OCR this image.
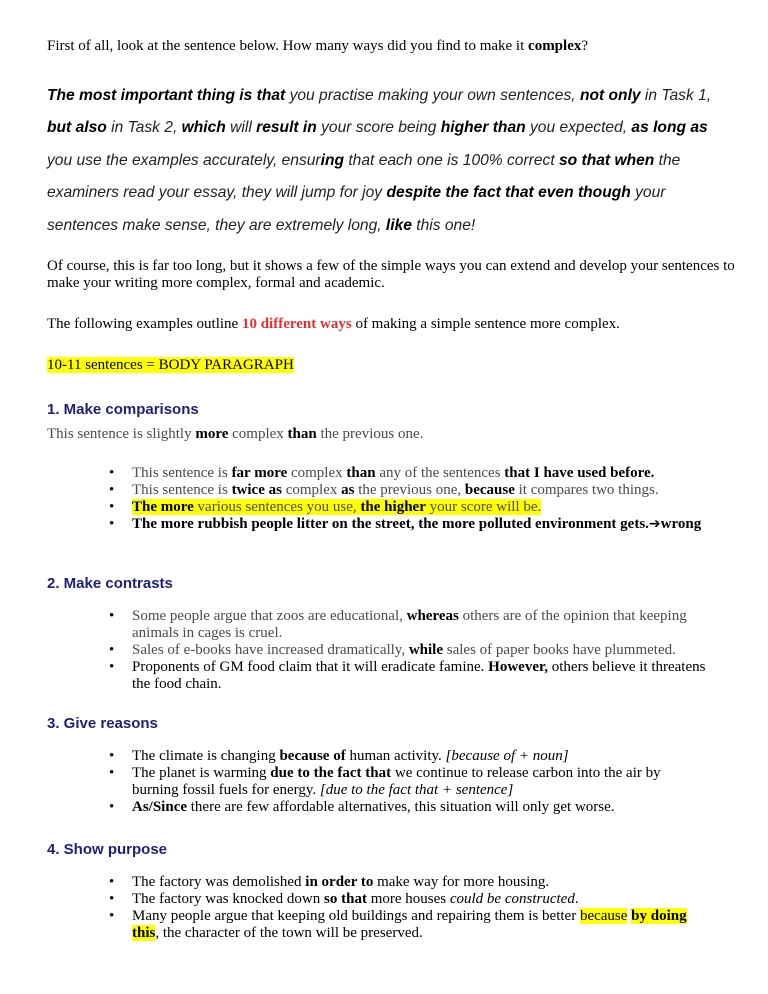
First of all, look at the sentence below. How many ways did you find to make it complex?

The most important thing is that you practise making your own sentences, not only in Task 1, but also in Task 2, which will result in your score being higher than you expected, as long as you use the examples accurately, ensuring that each one is 100% correct so that when the examiners read your essay, they will jump for joy despite the fact that even though your sentences make sense, they are extremely long, like this one!

Of course, this is far too long, but it shows a few of the simple ways you can extend and develop your sentences to make your writing more complex, formal and academic.

The following examples outline 10 different ways of making a simple sentence more complex.

10-11 sentences = BODY PARAGRAPH

1. Make comparisons

This sentence is slightly more complex than the previous one.

• This sentence is far more complex than any of the sentences that I have used before.
• This sentence is twice as complex as the previous one, because it compares two things.
• The more various sentences you use, the higher your score will be.
• The more rubbish people litter on the street, the more polluted environment gets.➔wrong
2. Make contrasts
• Some people argue that zoos are educational, whereas others are of the opinion that keeping animals in cages is cruel.
• Sales of e-books have increased dramatically, while sales of paper books have plummeted.
• Proponents of GM food claim that it will eradicate famine. However, others believe it threatens the food chain.
3. Give reasons
• The climate is changing because of human activity. [because of + noun]
• The planet is warming due to the fact that we continue to release carbon into the air by burning fossil fuels for energy. [due to the fact that + sentence]
• As/Since there are few affordable alternatives, this situation will only get worse.
4. Show purpose
• The factory was demolished in order to make way for more housing.
• The factory was knocked down so that more houses could be constructed.
• Many people argue that keeping old buildings and repairing them is better because by doing this, the character of the town will be preserved.
